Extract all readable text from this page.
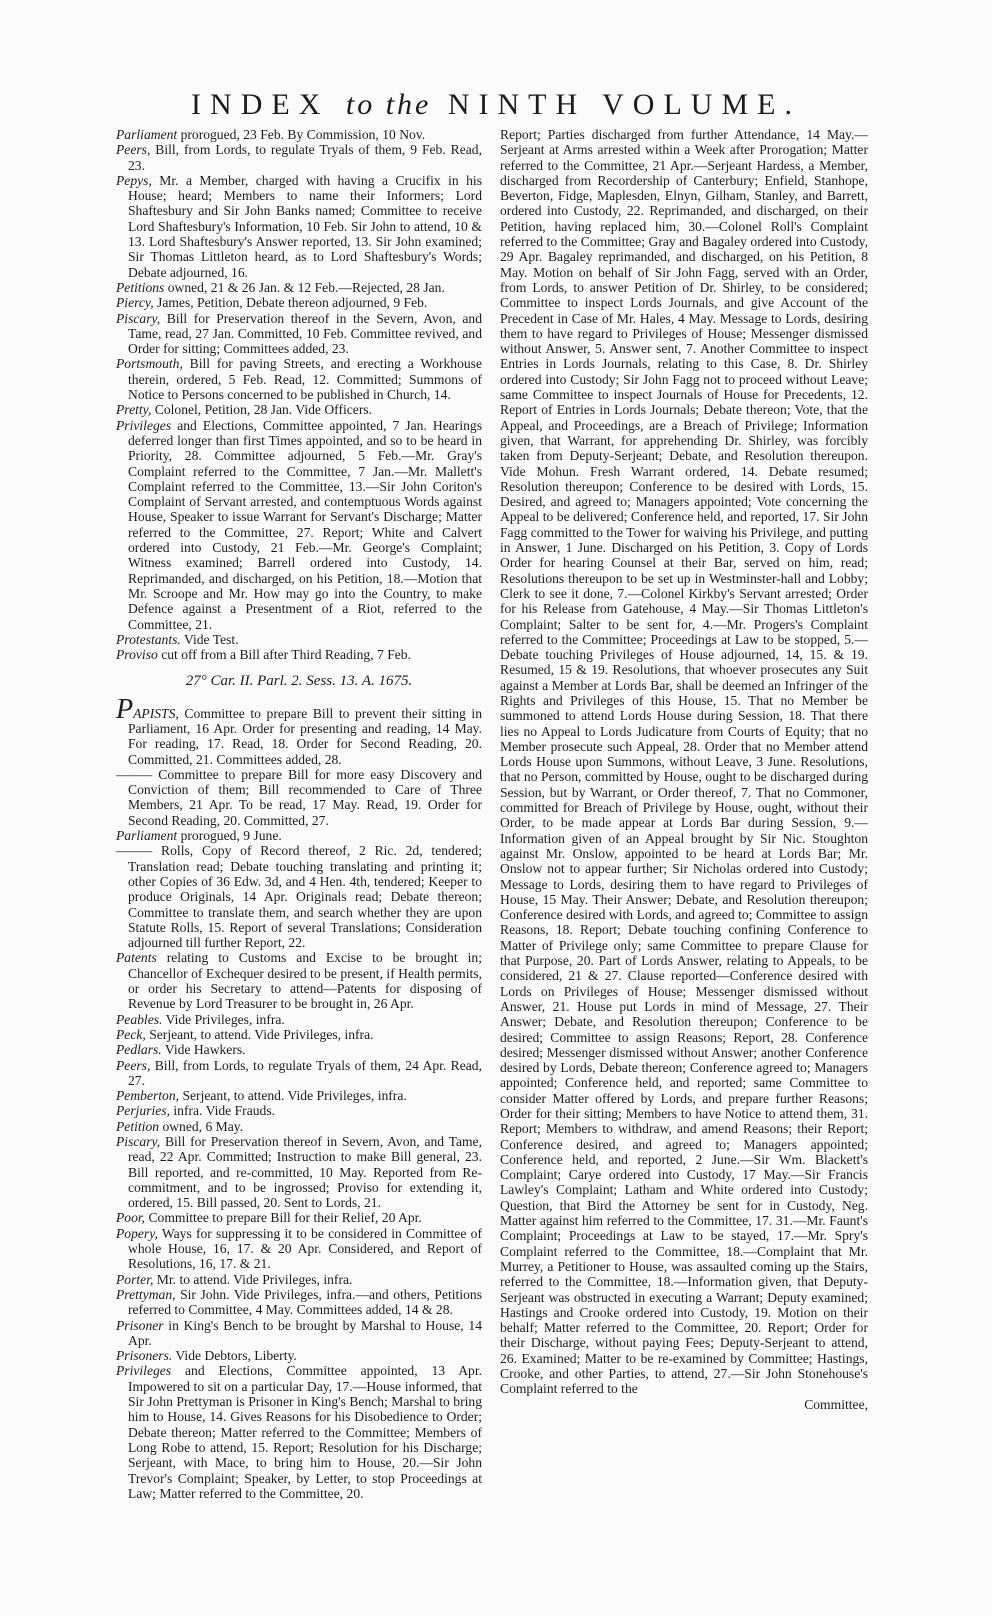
INDEX to the NINTH VOLUME.

Parliament prorogued, 23 Feb. By Commission, 10 Nov.

Peers, Bill, from Lords, to regulate Tryals of them, 9 Feb. Read, 23.

Pepys, Mr. a Member, charged with having a Crucifix in his House; heard; Members to name their Informers; Lord Shaftesbury and Sir John Banks named; Committee to receive Lord Shaftesbury's Information, 10 Feb. Sir John to attend, 10 & 13. Lord Shaftesbury's Answer reported, 13. Sir John examined; Sir Thomas Littleton heard, as to Lord Shaftesbury's Words; Debate adjourned, 16.

Petitions owned, 21 & 26 Jan. & 12 Feb.—Rejected, 28 Jan.

Piercy, James, Petition, Debate thereon adjourned, 9 Feb.

Piscary, Bill for Preservation thereof in the Severn, Avon, and Tame, read, 27 Jan. Committed, 10 Feb. Committee revived, and Order for sitting; Committees added, 23.

Portsmouth, Bill for paving Streets, and erecting a Workhouse therein, ordered, 5 Feb. Read, 12. Committed; Summons of Notice to Persons concerned to be published in Church, 14.

Pretty, Colonel, Petition, 28 Jan. Vide Officers.

Privileges and Elections, Committee appointed, 7 Jan. Hearings deferred longer than first Times appointed, and so to be heard in Priority, 28. Committee adjourned, 5 Feb.—Mr. Gray's Complaint referred to the Committee, 7 Jan.—Mr. Mallett's Complaint referred to the Committee, 13.—Sir John Coriton's Complaint of Servant arrested, and contemptuous Words against House, Speaker to issue Warrant for Servant's Discharge; Matter referred to the Committee, 27. Report; White and Calvert ordered into Custody, 21 Feb.—Mr. George's Complaint; Witness examined; Barrell ordered into Custody, 14. Reprimanded, and discharged, on his Petition, 18.—Motion that Mr. Scroope and Mr. How may go into the Country, to make Defence against a Presentment of a Riot, referred to the Committee, 21.

Protestants. Vide Test.

Proviso cut off from a Bill after Third Reading, 7 Feb.

27° Car. II. Parl. 2. Sess. 13. A. 1675.

PAPISTS, Committee to prepare Bill to prevent their sitting in Parliament, 16 Apr. Order for presenting and reading, 14 May. For reading, 17. Read, 18. Order for Second Reading, 20. Committed, 21. Committees added, 28.

——— Committee to prepare Bill for more easy Discovery and Conviction of them; Bill recommended to Care of Three Members, 21 Apr. To be read, 17 May. Read, 19. Order for Second Reading, 20. Committed, 27.

Parliament prorogued, 9 June.

——— Rolls, Copy of Record thereof, 2 Ric. 2d, tendered; Translation read; Debate touching translating and printing it; other Copies of 36 Edw. 3d, and 4 Hen. 4th, tendered; Keeper to produce Originals, 14 Apr. Originals read; Debate thereon; Committee to translate them, and search whether they are upon Statute Rolls, 15. Report of several Translations; Consideration adjourned till further Report, 22.

Patents relating to Customs and Excise to be brought in; Chancellor of Exchequer desired to be present, if Health permits, or order his Secretary to attend—Patents for disposing of Revenue by Lord Treasurer to be brought in, 26 Apr.

Peables. Vide Privileges, infra.

Peck, Serjeant, to attend. Vide Privileges, infra.

Pedlars. Vide Hawkers.

Peers, Bill, from Lords, to regulate Tryals of them, 24 Apr. Read, 27.

Pemberton, Serjeant, to attend. Vide Privileges, infra.

Perjuries, infra. Vide Frauds.

Petition owned, 6 May.

Piscary, Bill for Preservation thereof in Severn, Avon, and Tame, read, 22 Apr. Committed; Instruction to make Bill general, 23. Bill reported, and re-committed, 10 May. Reported from Re-commitment, and to be ingrossed; Proviso for extending it, ordered, 15. Bill passed, 20. Sent to Lords, 21.

Poor, Committee to prepare Bill for their Relief, 20 Apr.

Popery, Ways for suppressing it to be considered in Committee of whole House, 16, 17. & 20 Apr. Considered, and Report of Resolutions, 16, 17. & 21.

Porter, Mr. to attend. Vide Privileges, infra.

Prettyman, Sir John. Vide Privileges, infra.—and others, Petitions referred to Committee, 4 May. Committees added, 14 & 28.

Prisoner in King's Bench to be brought by Marshal to House, 14 Apr.

Prisoners. Vide Debtors, Liberty.

Privileges and Elections, Committee appointed, 13 Apr. Impowered to sit on a particular Day, 17.—House informed, that Sir John Prettyman is Prisoner in King's Bench; Marshal to bring him to House, 14. Gives Reasons for his Disobedience to Order; Debate thereon; Matter referred to the Committee; Members of Long Robe to attend, 15. Report; Resolution for his Discharge; Serjeant, with Mace, to bring him to House, 20.—Sir John Trevor's Complaint; Speaker, by Letter, to stop Proceedings at Law; Matter referred to the Committee, 20.

Report; Parties discharged from further Attendance, 14 May.—Serjeant at Arms arrested within a Week after Prorogation; Matter referred to the Committee, 21 Apr.—Serjeant Hardess, a Member, discharged from Recordership of Canterbury; Enfield, Stanhope, Beverton, Fidge, Maplesden, Elnyn, Gilham, Stanley, and Barrett, ordered into Custody, 22. Reprimanded, and discharged, on their Petition, having replaced him, 30.—Colonel Roll's Complaint referred to the Committee; Gray and Bagaley ordered into Custody, 29 Apr. Bagaley reprimanded, and discharged, on his Petition, 8 May. Motion on behalf of Sir John Fagg, served with an Order, from Lords, to answer Petition of Dr. Shirley, to be considered; Committee to inspect Lords Journals, and give Account of the Precedent in Case of Mr. Hales, 4 May. Message to Lords, desiring them to have regard to Privileges of House; Messenger dismissed without Answer, 5. Answer sent, 7. Another Committee to inspect Entries in Lords Journals, relating to this Case, 8. Dr. Shirley ordered into Custody; Sir John Fagg not to proceed without Leave; same Committee to inspect Journals of House for Precedents, 12. Report of Entries in Lords Journals; Debate thereon; Vote, that the Appeal, and Proceedings, are a Breach of Privilege; Information given, that Warrant, for apprehending Dr. Shirley, was forcibly taken from Deputy-Serjeant; Debate, and Resolution thereupon. Vide Mohun. Fresh Warrant ordered, 14. Debate resumed; Resolution thereupon; Conference to be desired with Lords, 15. Desired, and agreed to; Managers appointed; Vote concerning the Appeal to be delivered; Conference held, and reported, 17. Sir John Fagg committed to the Tower for waiving his Privilege, and putting in Answer, 1 June. Discharged on his Petition, 3. Copy of Lords Order for hearing Counsel at their Bar, served on him, read; Resolutions thereupon to be set up in Westminster-hall and Lobby; Clerk to see it done, 7.—Colonel Kirkby's Servant arrested; Order for his Release from Gatehouse, 4 May.—Sir Thomas Littleton's Complaint; Salter to be sent for, 4.—Mr. Progers's Complaint referred to the Committee; Proceedings at Law to be stopped, 5.—Debate touching Privileges of House adjourned, 14, 15. & 19. Resumed, 15 & 19. Resolutions, that whoever prosecutes any Suit against a Member at Lords Bar, shall be deemed an Infringer of the Rights and Privileges of this House, 15. That no Member be summoned to attend Lords House during Session, 18. That there lies no Appeal to Lords Judicature from Courts of Equity; that no Member prosecute such Appeal, 28. Order that no Member attend Lords House upon Summons, without Leave, 3 June. Resolutions, that no Person, committed by House, ought to be discharged during Session, but by Warrant, or Order thereof, 7. That no Commoner, committed for Breach of Privilege by House, ought, without their Order, to be made appear at Lords Bar during Session, 9.—Information given of an Appeal brought by Sir Nic. Stoughton against Mr. Onslow, appointed to be heard at Lords Bar; Mr. Onslow not to appear further; Sir Nicholas ordered into Custody; Message to Lords, desiring them to have regard to Privileges of House, 15 May. Their Answer; Debate, and Resolution thereupon; Conference desired with Lords, and agreed to; Committee to assign Reasons, 18. Report; Debate touching confining Conference to Matter of Privilege only; same Committee to prepare Clause for that Purpose, 20. Part of Lords Answer, relating to Appeals, to be considered, 21 & 27. Clause reported—Conference desired with Lords on Privileges of House; Messenger dismissed without Answer, 21. House put Lords in mind of Message, 27. Their Answer; Debate, and Resolution thereupon; Conference to be desired; Committee to assign Reasons; Report, 28. Conference desired; Messenger dismissed without Answer; another Conference desired by Lords, Debate thereon; Conference agreed to; Managers appointed; Conference held, and reported; same Committee to consider Matter offered by Lords, and prepare further Reasons; Order for their sitting; Members to have Notice to attend them, 31. Report; Members to withdraw, and amend Reasons; their Report; Conference desired, and agreed to; Managers appointed; Conference held, and reported, 2 June.—Sir Wm. Blackett's Complaint; Carye ordered into Custody, 17 May.—Sir Francis Lawley's Complaint; Latham and White ordered into Custody; Question, that Bird the Attorney be sent for in Custody, Neg. Matter against him referred to the Committee, 17. 31.—Mr. Faunt's Complaint; Proceedings at Law to be stayed, 17.—Mr. Spry's Complaint referred to the Committee, 18.—Complaint that Mr. Murrey, a Petitioner to House, was assaulted coming up the Stairs, referred to the Committee, 18.—Information given, that Deputy-Serjeant was obstructed in executing a Warrant; Deputy examined; Hastings and Crooke ordered into Custody, 19. Motion on their behalf; Matter referred to the Committee, 20. Report; Order for their Discharge, without paying Fees; Deputy-Serjeant to attend, 26. Examined; Matter to be re-examined by Committee; Hastings, Crooke, and other Parties, to attend, 27.—Sir John Stonehouse's Complaint referred to the

Committee,
